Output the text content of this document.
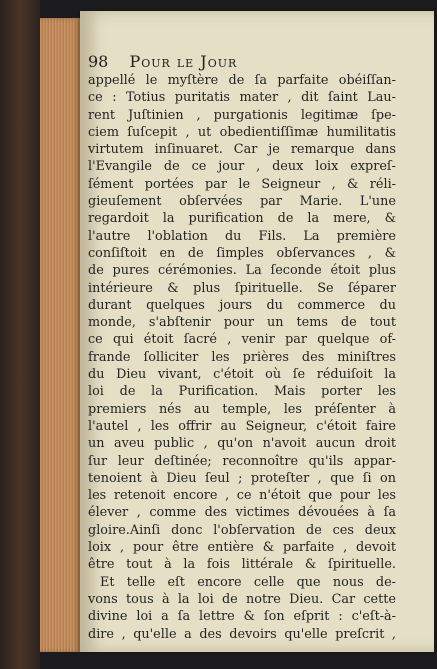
98 Pour le Jour
appellé le myſtère de ſa parfaite obéiſſan-
ce : Totius puritatis mater , dit ſaint Lau-
rent Juſtinien , purgationis legitimæ ſpe-
ciem ſuſcepit , ut obedientiſſimæ humilitatis
virtutem inſinuaret. Car je remarque dans
l'Evangile de ce jour , deux loix expreſ-
ſément portées par le Seigneur , & réli-
gieuſement obſervées par Marie. L'une
regardoit la purification de la mere, &
l'autre l'oblation du Fils. La première
conſiſtoit en de ſimples obſervances , &
de pures cérémonies. La ſeconde étoit plus
intérieure & plus ſpirituelle. Se ſéparer
durant quelques jours du commerce du
monde, s'abſtenir pour un tems de tout
ce qui étoit ſacré , venir par quelque of-
frande ſolliciter les prières des miniſtres
du Dieu vivant, c'étoit où ſe réduiſoit la
loi de la Purification. Mais porter les
premiers nés au temple, les préſenter à
l'autel , les offrir au Seigneur, c'étoit faire
un aveu public , qu'on n'avoit aucun droit
ſur leur deſtinée; reconnoître qu'ils appar-
tenoient à Dieu ſeul ; proteſter , que ſi on
les retenoit encore , ce n'étoit que pour les
élever , comme des victimes dévouées à ſa
gloire.Ainſi donc l'obſervation de ces deux
loix , pour être entière & parfaite , devoit
être tout à la fois littérale & ſpirituelle.
Et telle eſt encore celle que nous de-
vons tous à la loi de notre Dieu. Car cette
divine loi a ſa lettre & ſon eſprit : c'eſt-à-
dire , qu'elle a des devoirs qu'elle preſcrit ,
